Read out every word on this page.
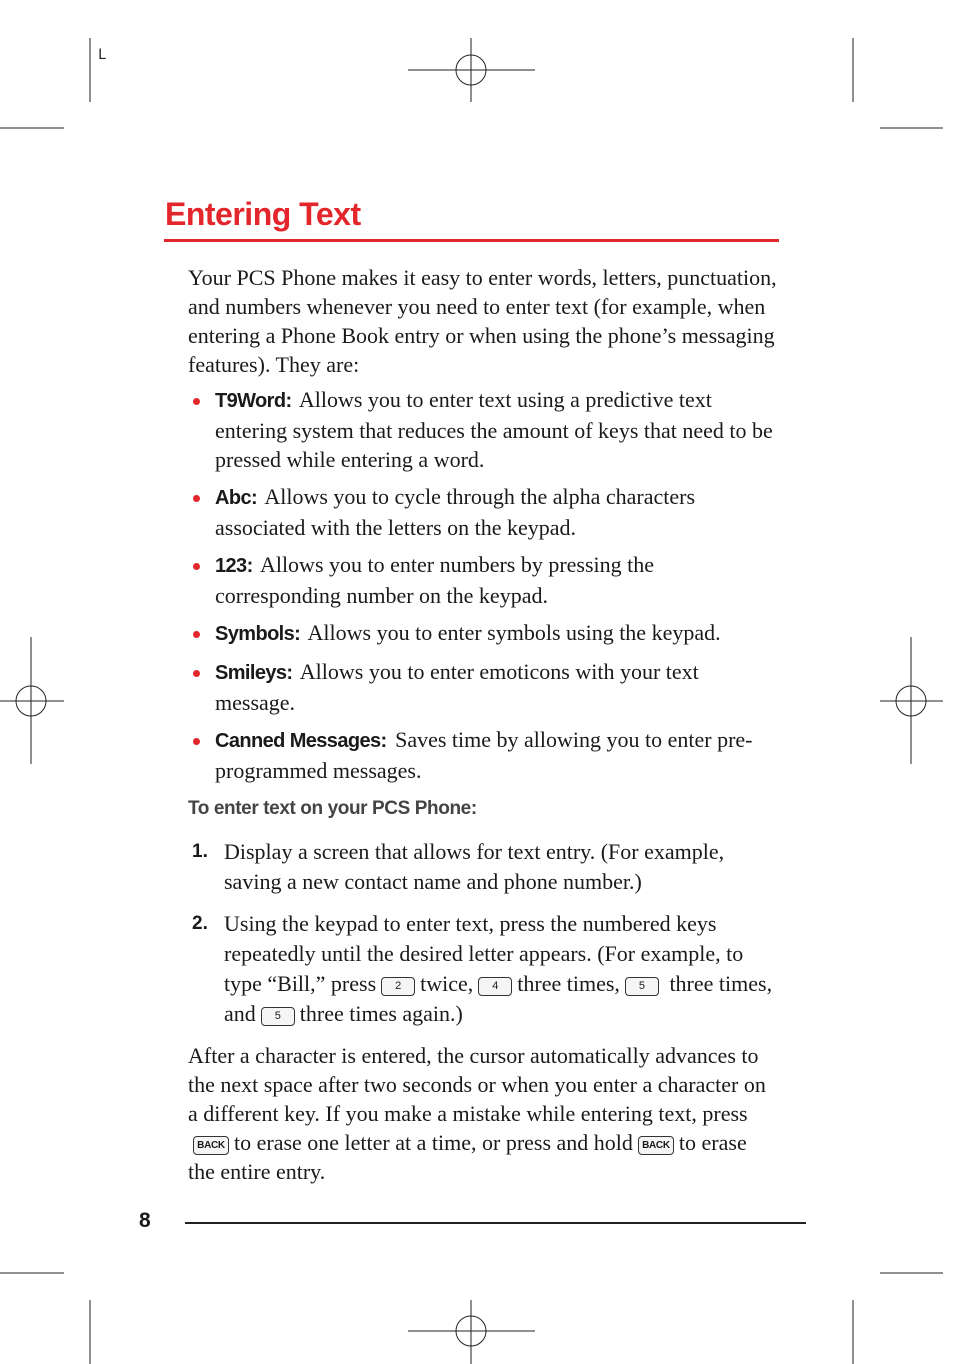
L
Entering Text

Your PCS Phone makes it easy to enter words, letters, punctuation, and numbers whenever you need to enter text (for example, when entering a Phone Book entry or when using the phone’s messaging features). They are:

T9Word: Allows you to enter text using a predictive text entering system that reduces the amount of keys that need to be pressed while entering a word.
Abc: Allows you to cycle through the alpha characters associated with the letters on the keypad.
123: Allows you to enter numbers by pressing the corresponding number on the keypad.
Symbols: Allows you to enter symbols using the keypad.
Smileys: Allows you to enter emoticons with your text message.
Canned Messages: Saves time by allowing you to enter pre-programmed messages.

To enter text on your PCS Phone:

1. Display a screen that allows for text entry. (For example, saving a new contact name and phone number.)
2. Using the keypad to enter text, press the numbered keys repeatedly until the desired letter appears. (For example, to type “Bill,” press 2 twice, 4 three times, 5 three times, and 5 three times again.)

After a character is entered, the cursor automatically advances to the next space after two seconds or when you enter a character on a different key. If you make a mistake while entering text, pressBACK to erase one letter at a time, or press and hold BACK to erase the entire entry.

8
